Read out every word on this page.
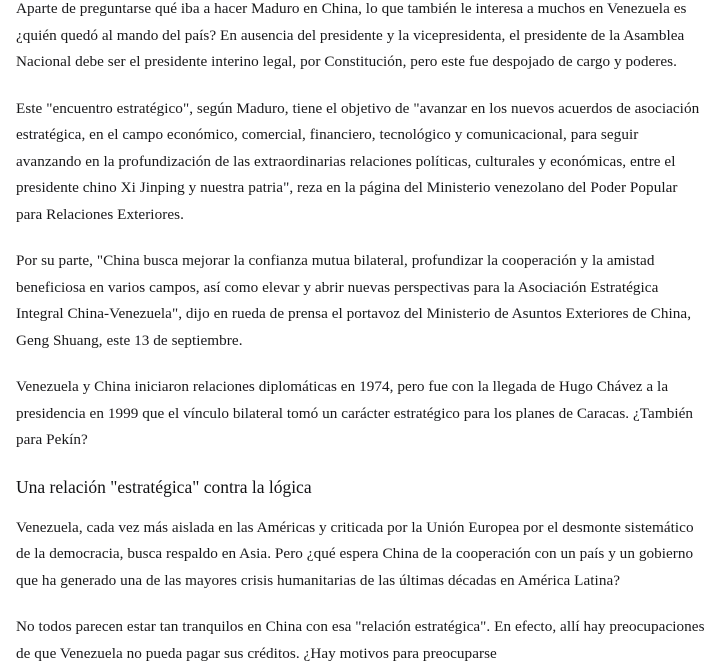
Aparte de preguntarse qué iba a hacer Maduro en China, lo que también le interesa a muchos en Venezuela es ¿quién quedó al mando del país? En ausencia del presidente y la vicepresidenta, el presidente de la Asamblea Nacional debe ser el presidente interino legal, por Constitución, pero este fue despojado de cargo y poderes.

Este "encuentro estratégico", según Maduro, tiene el objetivo de "avanzar en los nuevos acuerdos de asociación estratégica, en el campo económico, comercial, financiero, tecnológico y comunicacional, para seguir avanzando en la profundización de las extraordinarias relaciones políticas, culturales y económicas, entre el presidente chino Xi Jinping y nuestra patria", reza en la página del Ministerio venezolano del Poder Popular para Relaciones Exteriores.

Por su parte, "China busca mejorar la confianza mutua bilateral, profundizar la cooperación y la amistad beneficiosa en varios campos, así como elevar y abrir nuevas perspectivas para la Asociación Estratégica Integral China-Venezuela", dijo en rueda de prensa el portavoz del Ministerio de Asuntos Exteriores de China, Geng Shuang, este 13 de septiembre.

Venezuela y China iniciaron relaciones diplomáticas en 1974, pero fue con la llegada de Hugo Chávez a la presidencia en 1999 que el vínculo bilateral tomó un carácter estratégico para los planes de Caracas. ¿También para Pekín?

Una relación "estratégica" contra la lógica

Venezuela, cada vez más aislada en las Américas y criticada por la Unión Europea por el desmonte sistemático de la democracia, busca respaldo en Asia. Pero ¿qué espera China de la cooperación con un país y un gobierno que ha generado una de las mayores crisis humanitarias de las últimas décadas en América Latina?

No todos parecen estar tan tranquilos en China con esa "relación estratégica". En efecto, allí hay preocupaciones de que Venezuela no pueda pagar sus créditos. ¿Hay motivos para preocuparse
